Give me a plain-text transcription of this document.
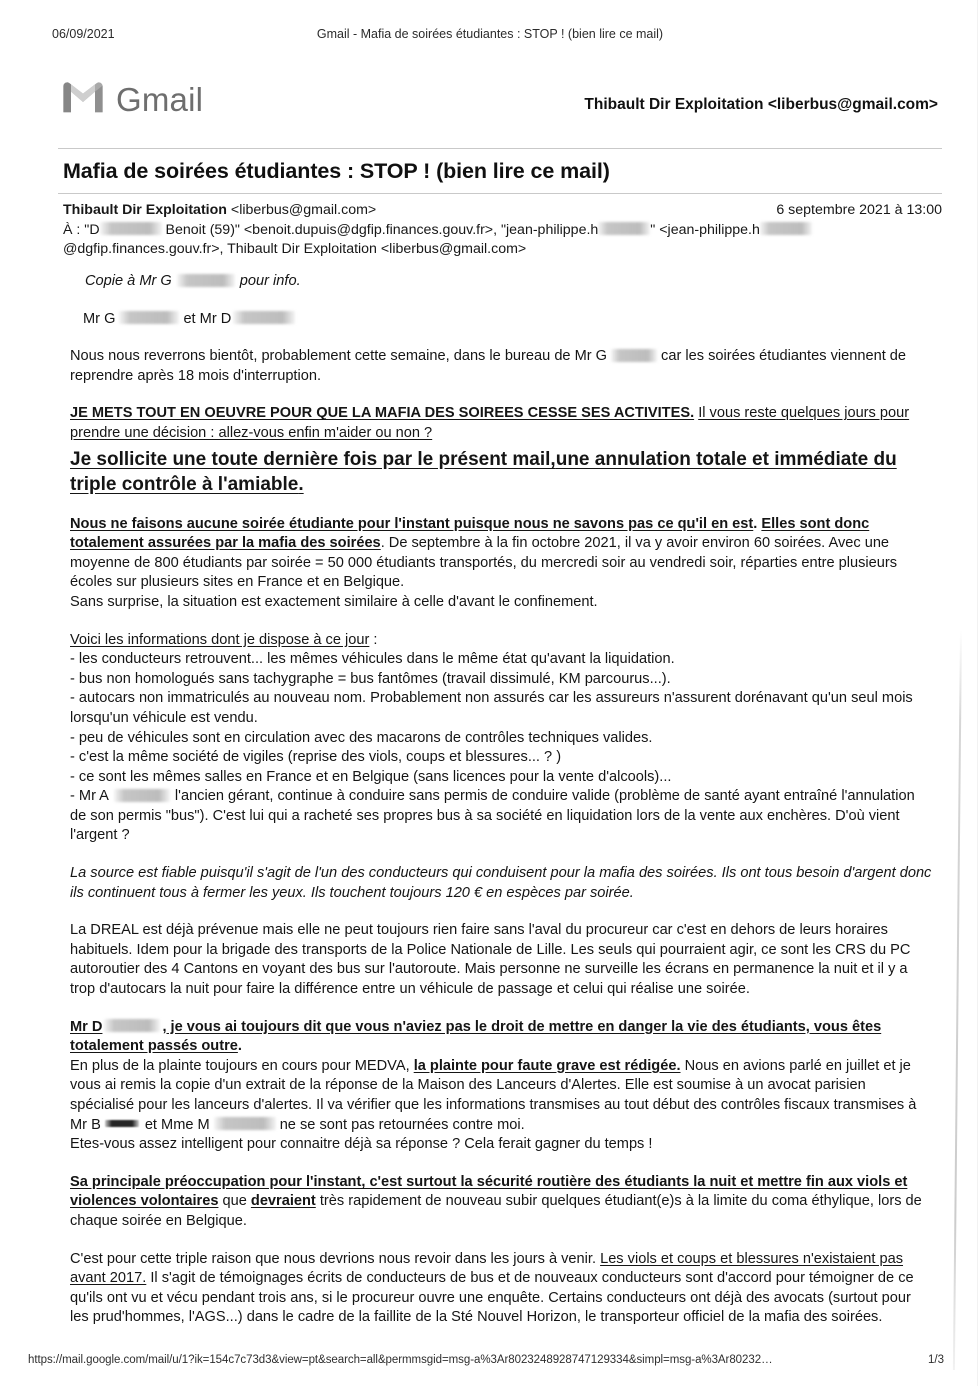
06/09/2021	Gmail - Mafia de soirées étudiantes : STOP ! (bien lire ce mail)
Gmail	Thibault Dir Exploitation <liberbus@gmail.com>
Mafia de soirées étudiantes : STOP ! (bien lire ce mail)
Thibault Dir Exploitation <liberbus@gmail.com>
À : "D	Benoit (59)" <benoit.dupuis@dgfip.finances.gouv.fr>, "jean-philippe.h	" <jean-philippe.h@dgfip.finances.gouv.fr>, Thibault Dir Exploitation <liberbus@gmail.com>
6 septembre 2021 à 13:00
Copie à Mr G	pour info.
Mr G	et Mr D
Nous nous reverrons bientôt, probablement cette semaine, dans le bureau de Mr G	car les soirées étudiantes viennent de reprendre après 18 mois d'interruption.
JE METS TOUT EN OEUVRE POUR QUE LA MAFIA DES SOIREES CESSE SES ACTIVITES. Il vous reste quelques jours pour prendre une décision : allez-vous enfin m'aider ou non ?
Je sollicite une toute dernière fois par le présent mail,une annulation totale et immédiate du triple contrôle à l'amiable.
Nous ne faisons aucune soirée étudiante pour l'instant puisque nous ne savons pas ce qu'il en est. Elles sont donc totalement assurées par la mafia des soirées. De septembre à la fin octobre 2021, il va y avoir environ 60 soirées. Avec une moyenne de 800 étudiants par soirée = 50 000 étudiants transportés, du mercredi soir au vendredi soir, réparties entre plusieurs écoles sur plusieurs sites en France et en Belgique.
Sans surprise, la situation est exactement similaire à celle d'avant le confinement.
Voici les informations dont je dispose à ce jour :
- les conducteurs retrouvent... les mêmes véhicules dans le même état qu'avant la liquidation.
- bus non homologués sans tachygraphe = bus fantômes (travail dissimulé, KM parcourus...).
- autocars non immatriculés au nouveau nom. Probablement non assurés car les assureurs n'assurent dorénavant qu'un seul mois lorsqu'un véhicule est vendu.
- peu de véhicules sont en circulation avec des macarons de contrôles techniques valides.
- c'est la même société de vigiles (reprise des viols, coups et blessures... ? )
- ce sont les mêmes salles en France et en Belgique (sans licences pour la vente d'alcools)...
- Mr A	l'ancien gérant, continue à conduire sans permis de conduire valide (problème de santé ayant entraîné l'annulation de son permis "bus"). C'est lui qui a racheté ses propres bus à sa société en liquidation lors de la vente aux enchères. D'où vient l'argent ?
La source est fiable puisqu'il s'agit de l'un des conducteurs qui conduisent pour la mafia des soirées. Ils ont tous besoin d'argent donc ils continuent tous à fermer les yeux. Ils touchent toujours 120 € en espèces par soirée.
La DREAL est déjà prévenue mais elle ne peut toujours rien faire sans l'aval du procureur car c'est en dehors de leurs horaires habituels. Idem pour la brigade des transports de la Police Nationale de Lille. Les seuls qui pourraient agir, ce sont les CRS du PC autoroutier des 4 Cantons en voyant des bus sur l'autoroute. Mais personne ne surveille les écrans en permanence la nuit et il y a trop d'autocars la nuit pour faire la différence entre un véhicule de passage et celui qui réalise une soirée.
Mr D	, je vous ai toujours dit que vous n'aviez pas le droit de mettre en danger la vie des étudiants, vous êtes totalement passés outre.
En plus de la plainte toujours en cours pour MEDVA, la plainte pour faute grave est rédigée. Nous en avions parlé en juillet et je vous ai remis la copie d'un extrait de la réponse de la Maison des Lanceurs d'Alertes. Elle est soumise à un avocat parisien spécialisé pour les lanceurs d'alertes. Il va vérifier que les informations transmises au tout début des contrôles fiscaux transmises à Mr B	et Mme M	ne se sont pas retournées contre moi.
Etes-vous assez intelligent pour connaitre déjà sa réponse ? Cela ferait gagner du temps !
Sa principale préoccupation pour l'instant, c'est surtout la sécurité routière des étudiants la nuit et mettre fin aux viols et violences volontaires que devraient très rapidement de nouveau subir quelques étudiant(e)s à la limite du coma éthylique, lors de chaque soirée en Belgique.
C'est pour cette triple raison que nous devrions nous revoir dans les jours à venir. Les viols et coups et blessures n'existaient pas avant 2017. Il s'agit de témoignages écrits de conducteurs de bus et de nouveaux conducteurs sont d'accord pour témoigner de ce qu'ils ont vu et vécu pendant trois ans, si le procureur ouvre une enquête. Certains conducteurs ont déjà des avocats (surtout pour les prud'hommes, l'AGS...) dans le cadre de la faillite de la Sté Nouvel Horizon, le transporteur officiel de la mafia des soirées.
https://mail.google.com/mail/u/1?ik=154c7c73d3&view=pt&search=all&permmsgid=msg-a%3Ar8023248928747129334&simpl=msg-a%3Ar80232…	1/3
